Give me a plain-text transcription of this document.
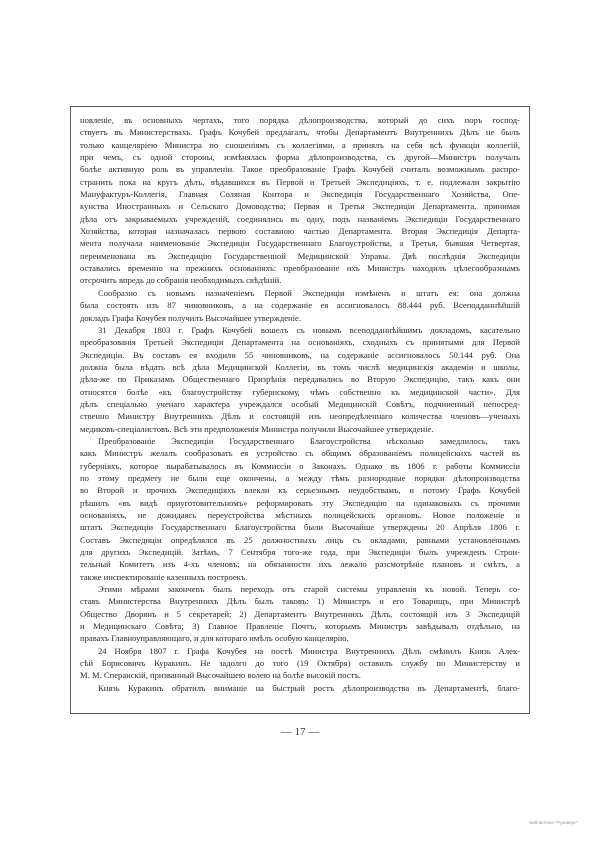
новленіе, въ основныхъ чертахъ, того порядка дѣлопроизводства, который до сихъ поръ господ-
ствуетъ въ Министерствахъ. Графъ Кочубей предлагалъ, чтобы Департаментъ Внутреннихъ Дѣлъ не былъ
только канцеляріею Министра по сношеніямъ съ коллегіями, а принялъ на себя всѣ функціи коллегій,
при чемъ, съ одной стороны, измѣнялась форма дѣлопроизводства, съ другой—Министръ получалъ
болѣе активную роль въ управленіи. Такое преобразованіе Графъ Кочубей считалъ возможнымъ распро-
странить пока на кругъ дѣлъ, вѣдавшихся въ Первой и Третьей Экспедиціяхъ, т. е. подлежали закрытію
Мануфактуръ-Коллегія, Главная Соляная Контора и Экспедиція Государственнаго Хозяйства, Опе-
кунства Иностранныхъ и Сельскаго Домоводства; Первая и Третья Экспедиціи Департамента, принимая
дѣла отъ закрываемыхъ учрежденій, соединялись въ одну, подъ названіемъ Экспедиціи Государственнаго
Хозяйства, которая назначалась первою составною частью Департамента. Вторая Экспедиція Департа-
мента получала наименованіе Экспедиціи Государственнаго Благоустройства, а Третья, бывшая Четвертая,
переименована въ Экспедицію Государственной Медицинской Управы. Двѣ послѣднія Экспедиціи
оставались временно на прежнихъ основаніяхъ: преобразованіе ихъ Министръ находилъ цѣлесообразнымъ
отсрочить впредь до собранія необходимыхъ свѣдѣній.
Сообразно съ новымъ назначеніемъ Первой Экспедиціи измѣненъ и штатъ ея: она должна
была состоять изъ 87 чиновниковъ, а на содержаніе ея ассигновалось 88.444 руб. Всеподданнѣйшій
докладъ Графа Кочубея получилъ Высочайшее утвержденіе.
31 Декабря 1803 г. Графъ Кочубей вошелъ съ новымъ всеподданнѣйшимъ докладомъ, касательно
преобразованія Третьей Экспедиціи Департамента на основаніяхъ, сходныхъ съ принятыми для Первой
Экспедиціи. Въ составъ ея входили 55 чиновниковъ, на содержаніе ассигновалось 50.144 руб. Она
должна была вѣдать всѣ дѣла Медицинской Коллегіи, въ томъ числѣ медицинскія академіи и школы,
дѣла-же по Приказамъ Общественнаго Призрѣнія передавались во Вторую Экспедицію, такъ какъ они
относятся болѣе «къ благоустройству губернскому, чѣмъ собственно къ медицинской части». Для
дѣлъ спеціально ученаго характера учреждался особый Медицинскій Совѣтъ, подчиненный непосред-
ственно Министру Внутреннихъ Дѣлъ и состоящій изъ неопредѣленнаго количества членовъ—ученыхъ
медиковъ-спеціалистовъ. Всѣ эти предположенія Министра получили Высочайшее утвержденіе.
Преобразованіе Экспедиціи Государственнаго Благоустройства нѣсколько замедлилось, такъ
какъ Министръ желалъ сообразовать ея устройство съ общимъ образованіемъ полицейскихъ частей въ
губерніяхъ, которое вырабатывалось въ Коммиссіи о Законахъ. Однако въ 1806 г. работы Коммиссіи
по этому предмету не были еще окончены, а между тѣмъ разнородные порядки дѣлопроизводства
во Второй и прочихъ Экспедиціяхъ влекли къ серьезнымъ неудобствамъ, и потому Графъ Кочубей
рѣшилъ «въ видѣ приуготовительномъ» реформировать эту Экспедицію на одинаковыхъ съ прочими
основаніяхъ, не дожидаясь переустройства мѣстныхъ полицейскихъ органовъ. Новое положеніе и
штатъ Экспедиціи Государственнаго Благоустройства были Высочайше утверждены 20 Апрѣля 1806 г.
Составъ Экспедиціи опредѣлялся въ 25 должностныхъ лицъ съ окладами, равными установленнымъ
для другихъ Экспедицій. Затѣмъ, 7 Сентября того-же года, при Экспедиціи былъ учрежденъ Строи-
тельный Комитетъ изъ 4-хъ членовъ; на обязанности ихъ лежало разсмотрѣніе плановъ и смѣтъ, а
также инспектированіе казенныхъ построекъ.
Этими мѣрами закончenъ былъ переходъ отъ старой системы управленія къ новой. Теперь со-
ставъ Министерства Внутреннихъ Дѣлъ былъ таковъ: 1) Министръ и его Товарищъ, при Министрѣ
Общество Дворянъ и 5 секретарей; 2) Департаментъ Внутреннихъ Дѣлъ, состоящій изъ 3 Экспедицій
и Медицинскаго Совѣта; 3) Главное Правленіе Почтъ, которымъ Министръ завѣдывалъ отдѣльно, на
правахъ Главноуправляющаго, и для котораго имѣлъ особую канцелярію.
24 Ноября 1807 г. Графа Кочубея на постѣ Министра Внутреннихъ Дѣлъ смѣнилъ Князь Алек-
сѣй Борисовичъ Куракинъ. Не задолго до того (19 Октября) оставилъ службу по Министерству и
М. М. Сперанскій, призванный Высочайшею волею на болѣе высокій постъ.
Князь Куракинъ обратилъ вниманіе на быстрый ростъ дѣлопроизводства въ Департаментѣ, благо-
— 17 —
Библиотека "Руниверс"
